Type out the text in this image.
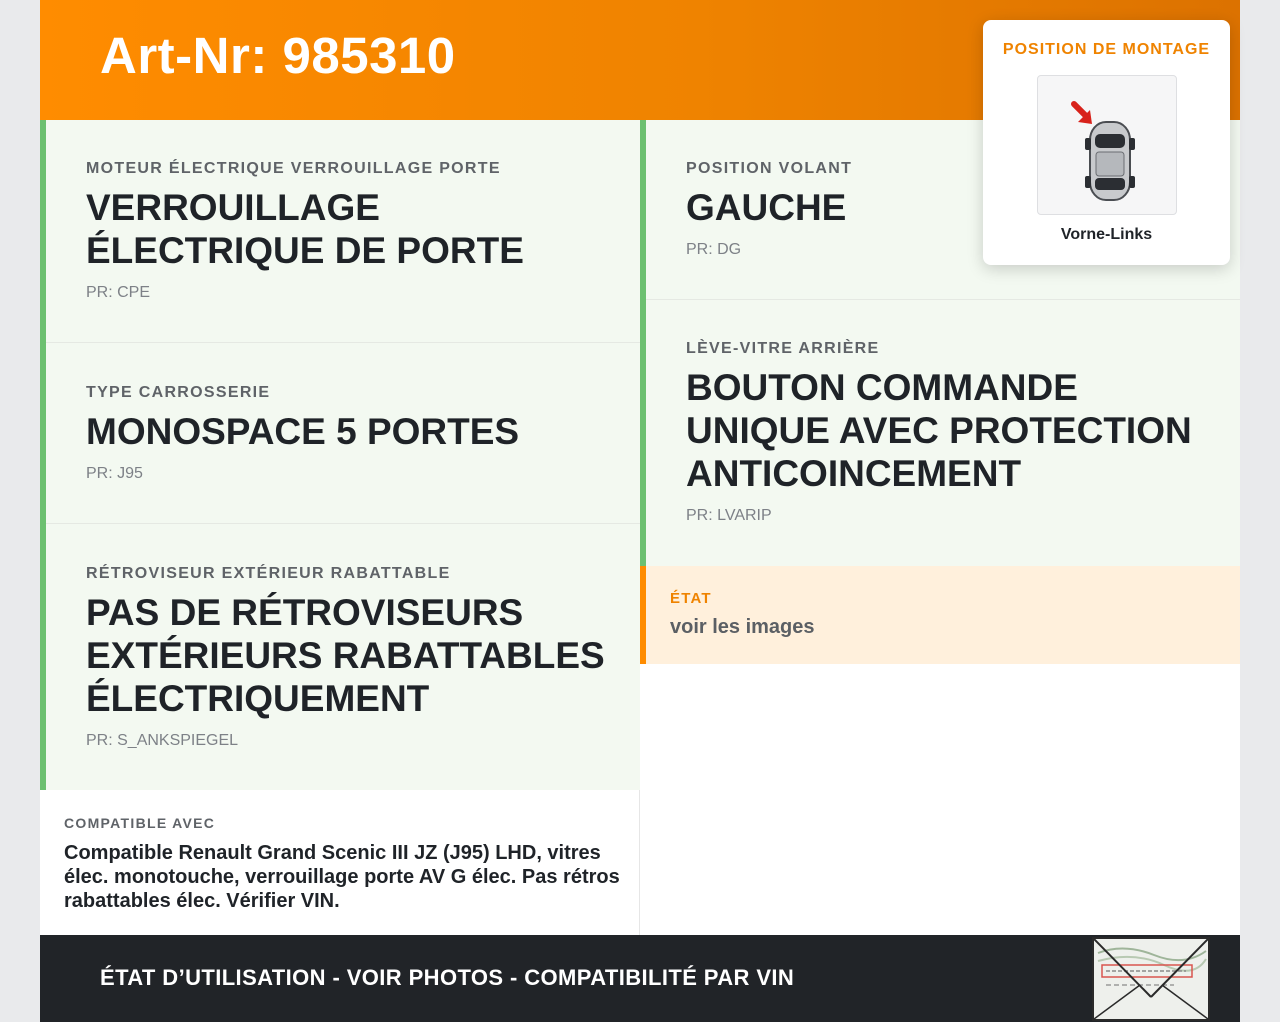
Art-Nr: 985310
MOTEUR ÉLECTRIQUE VERROUILLAGE PORTE
VERROUILLAGE ÉLECTRIQUE DE PORTE
PR: CPE
TYPE CARROSSERIE
MONOSPACE 5 PORTES
PR: J95
RÉTROVISEUR EXTÉRIEUR RABATTABLE
PAS DE RÉTROVISEURS EXTÉRIEURS RABATTABLES ÉLECTRIQUEMENT
PR: S_ANKSPIEGEL
POSITION VOLANT
GAUCHE
PR: DG
LÈVE-VITRE ARRIÈRE
BOUTON COMMANDE UNIQUE AVEC PROTECTION ANTICOINCEMENT
PR: LVARIP
ÉTAT
voir les images
COMPATIBLE AVEC
Compatible Renault Grand Scenic III JZ (J95) LHD, vitres élec. monotouche, verrouillage porte AV G élec. Pas rétros rabattables élec. Vérifier VIN.
ÉTAT D’UTILISATION - VOIR PHOTOS - COMPATIBILITÉ PAR VIN
POSITION DE MONTAGE
Vorne-Links
